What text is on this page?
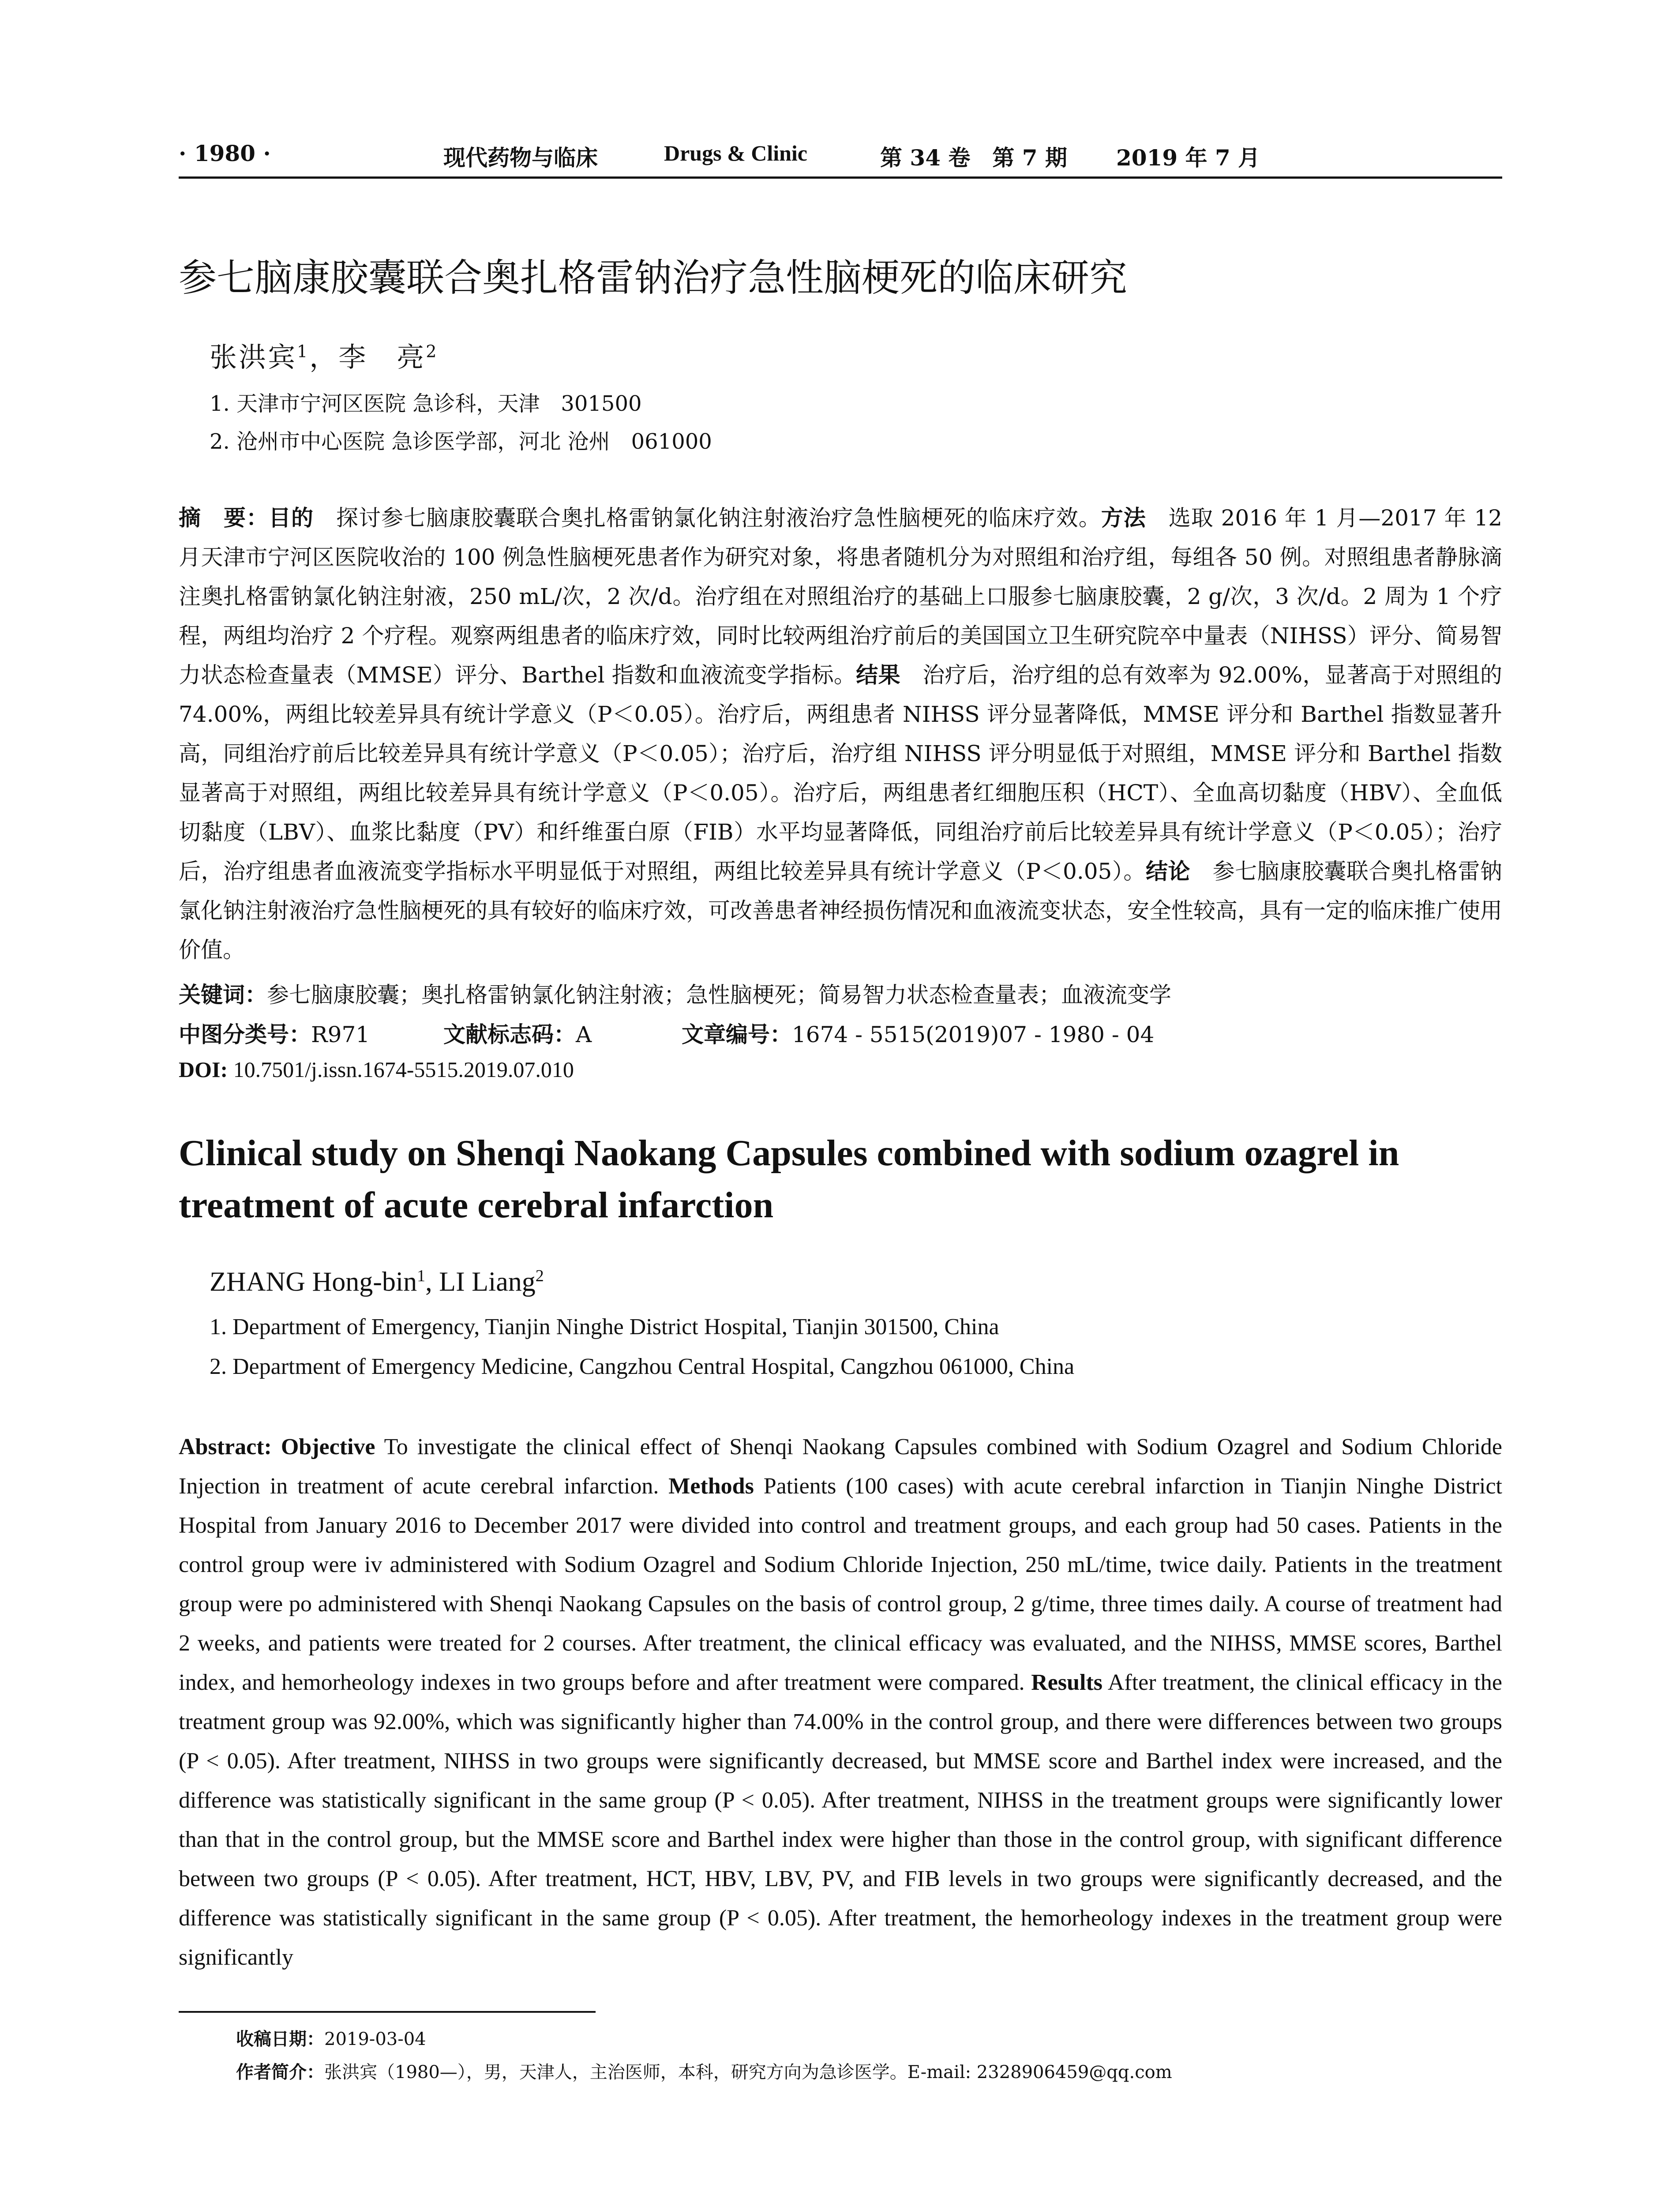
· 1980 ·	现代药物与临床	Drugs & Clinic	第 34 卷　第 7 期 2019 年 7 月
参七脑康胶囊联合奥扎格雷钠治疗急性脑梗死的临床研究
张洪宾$^1$，李　亮$^2$
1. 天津市宁河区医院 急诊科，天津　301500
2. 沧州市中心医院 急诊医学部，河北 沧州　061000
摘　要：目的　探讨参七脑康胶囊联合奥扎格雷钠氯化钠注射液治疗急性脑梗死的临床疗效。方法　选取 2016 年 1 月—2017 年 12 月天津市宁河区医院收治的 100 例急性脑梗死患者作为研究对象，将患者随机分为对照组和治疗组，每组各 50 例。对照组患者静脉滴注奥扎格雷钠氯化钠注射液，250 mL/次，2 次/d。治疗组在对照组治疗的基础上口服参七脑康胶囊，2 g/次，3 次/d。2 周为 1 个疗程，两组均治疗 2 个疗程。观察两组患者的临床疗效，同时比较两组治疗前后的美国国立卫生研究院卒中量表（NIHSS）评分、简易智力状态检查量表（MMSE）评分、Barthel 指数和血液流变学指标。结果　治疗后，治疗组的总有效率为 92.00%，显著高于对照组的 74.00%，两组比较差异具有统计学意义（P＜0.05）。治疗后，两组患者 NIHSS 评分显著降低，MMSE 评分和 Barthel 指数显著升高，同组治疗前后比较差异具有统计学意义（P＜0.05）；治疗后，治疗组 NIHSS 评分明显低于对照组，MMSE 评分和 Barthel 指数显著高于对照组，两组比较差异具有统计学意义（P＜0.05）。治疗后，两组患者红细胞压积（HCT）、全血高切黏度（HBV）、全血低切黏度（LBV）、血浆比黏度（PV）和纤维蛋白原（FIB）水平均显著降低，同组治疗前后比较差异具有统计学意义（P＜0.05）；治疗后，治疗组患者血液流变学指标水平明显低于对照组，两组比较差异具有统计学意义（P＜0.05）。结论　参七脑康胶囊联合奥扎格雷钠氯化钠注射液治疗急性脑梗死的具有较好的临床疗效，可改善患者神经损伤情况和血液流变状态，安全性较高，具有一定的临床推广使用价值。
关键词：参七脑康胶囊；奥扎格雷钠氯化钠注射液；急性脑梗死；简易智力状态检查量表；血液流变学
中图分类号：R971	文献标志码：A	文章编号：1674 - 5515(2019)07 - 1980 - 04
DOI: 10.7501/j.issn.1674-5515.2019.07.010
Clinical study on Shenqi Naokang Capsules combined with sodium ozagrel in treatment of acute cerebral infarction
ZHANG Hong-bin$^1$, LI Liang$^2$
1. Department of Emergency, Tianjin Ninghe District Hospital, Tianjin 301500, China
2. Department of Emergency Medicine, Cangzhou Central Hospital, Cangzhou 061000, China
Abstract: Objective To investigate the clinical effect of Shenqi Naokang Capsules combined with Sodium Ozagrel and Sodium Chloride Injection in treatment of acute cerebral infarction. Methods Patients (100 cases) with acute cerebral infarction in Tianjin Ninghe District Hospital from January 2016 to December 2017 were divided into control and treatment groups, and each group had 50 cases. Patients in the control group were iv administered with Sodium Ozagrel and Sodium Chloride Injection, 250 mL/time, twice daily. Patients in the treatment group were po administered with Shenqi Naokang Capsules on the basis of control group, 2 g/time, three times daily. A course of treatment had 2 weeks, and patients were treated for 2 courses. After treatment, the clinical efficacy was evaluated, and the NIHSS, MMSE scores, Barthel index, and hemorheology indexes in two groups before and after treatment were compared. Results After treatment, the clinical efficacy in the treatment group was 92.00%, which was significantly higher than 74.00% in the control group, and there were differences between two groups (P < 0.05). After treatment, NIHSS in two groups were significantly decreased, but MMSE score and Barthel index were increased, and the difference was statistically significant in the same group (P < 0.05). After treatment, NIHSS in the treatment groups were significantly lower than that in the control group, but the MMSE score and Barthel index were higher than those in the control group, with significant difference between two groups (P < 0.05). After treatment, HCT, HBV, LBV, PV, and FIB levels in two groups were significantly decreased, and the difference was statistically significant in the same group (P < 0.05). After treatment, the hemorheology indexes in the treatment group were significantly
收稿日期：2019-03-04
作者简介：张洪宾（1980—），男，天津人，主治医师，本科，研究方向为急诊医学。E-mail: 2328906459@qq.com
